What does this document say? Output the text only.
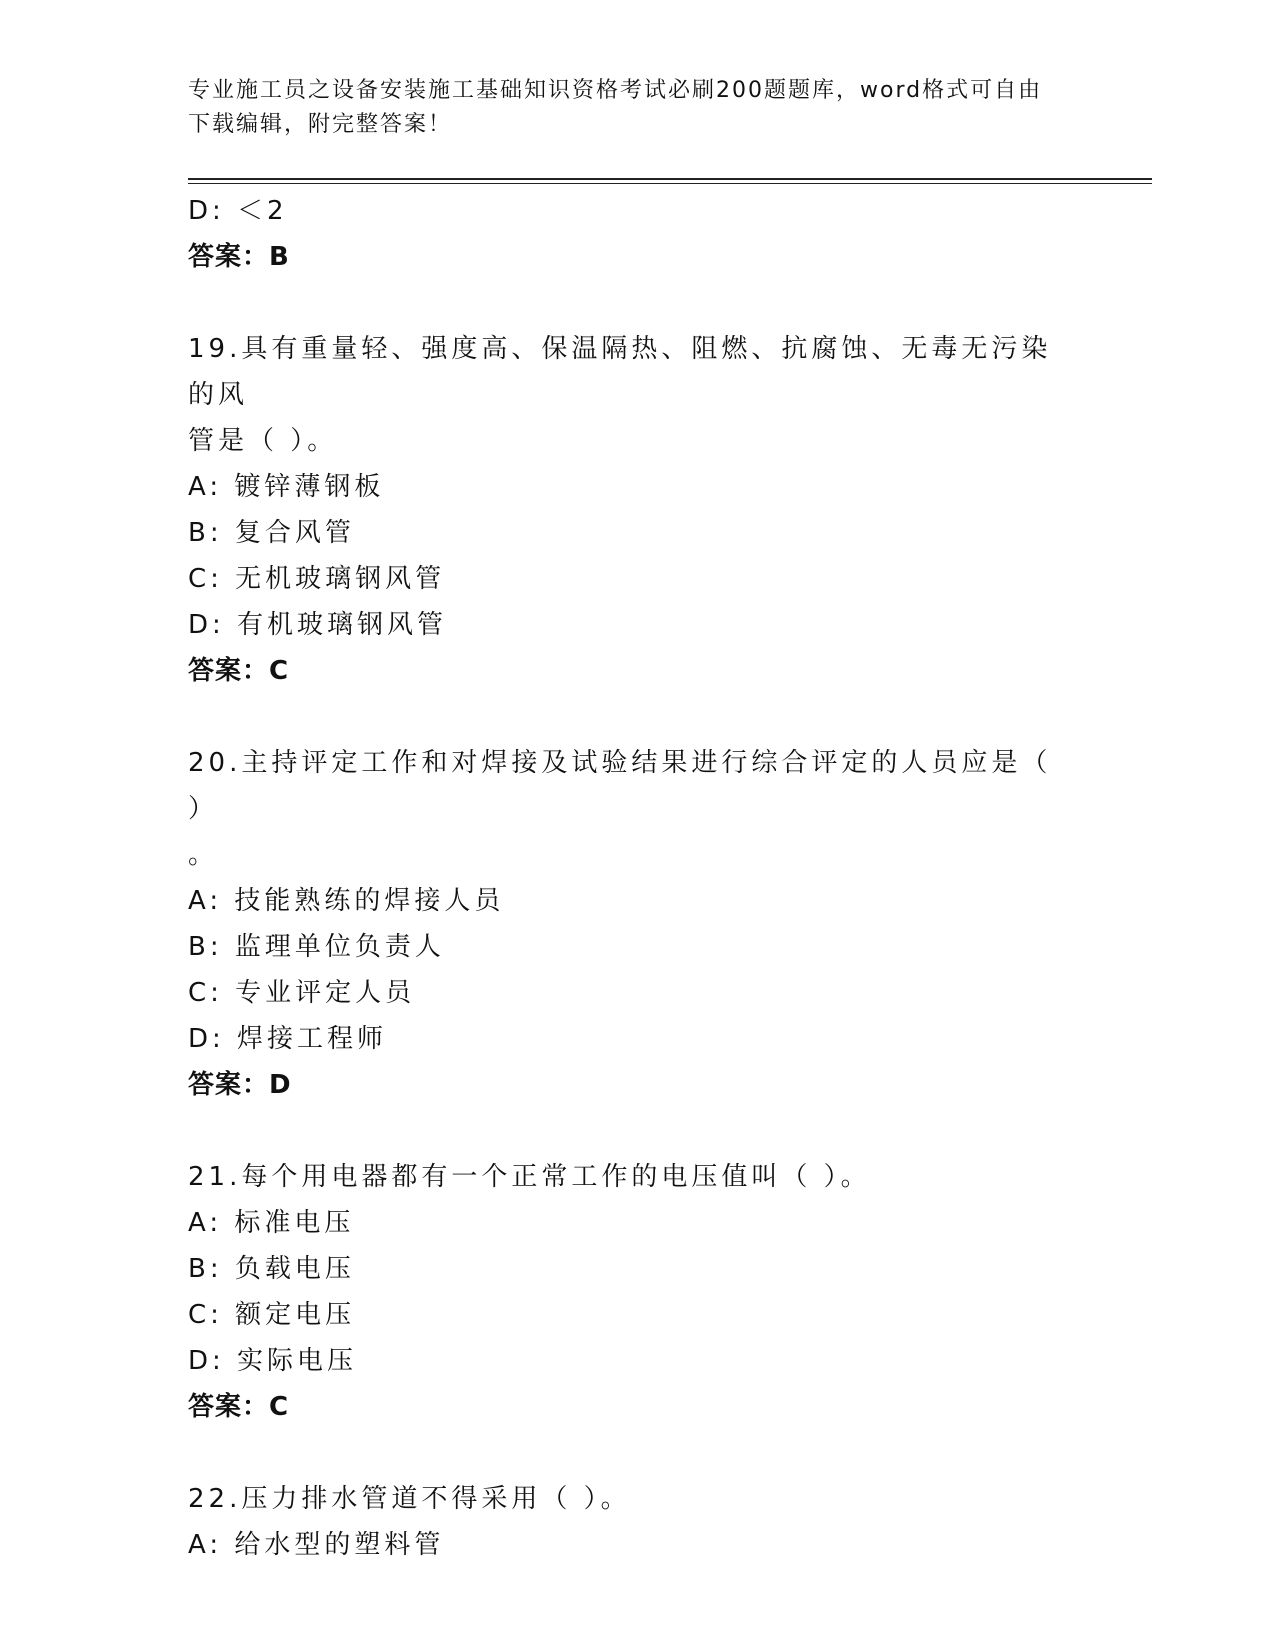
专业施工员之设备安装施工基础知识资格考试必刷200题题库，word格式可自由
下载编辑，附完整答案！
D: ＜2
答案：B
19.具有重量轻、强度高、保温隔热、阻燃、抗腐蚀、无毒无污染的风
管是（ ）。
A: 镀锌薄钢板
B: 复合风管
C: 无机玻璃钢风管
D: 有机玻璃钢风管
答案：C
20.主持评定工作和对焊接及试验结果进行综合评定的人员应是（ ）
。
A: 技能熟练的焊接人员
B: 监理单位负责人
C: 专业评定人员
D: 焊接工程师
答案：D
21.每个用电器都有一个正常工作的电压值叫（ ）。
A: 标准电压
B: 负载电压
C: 额定电压
D: 实际电压
答案：C
22.压力排水管道不得采用（ ）。
A: 给水型的塑料管
